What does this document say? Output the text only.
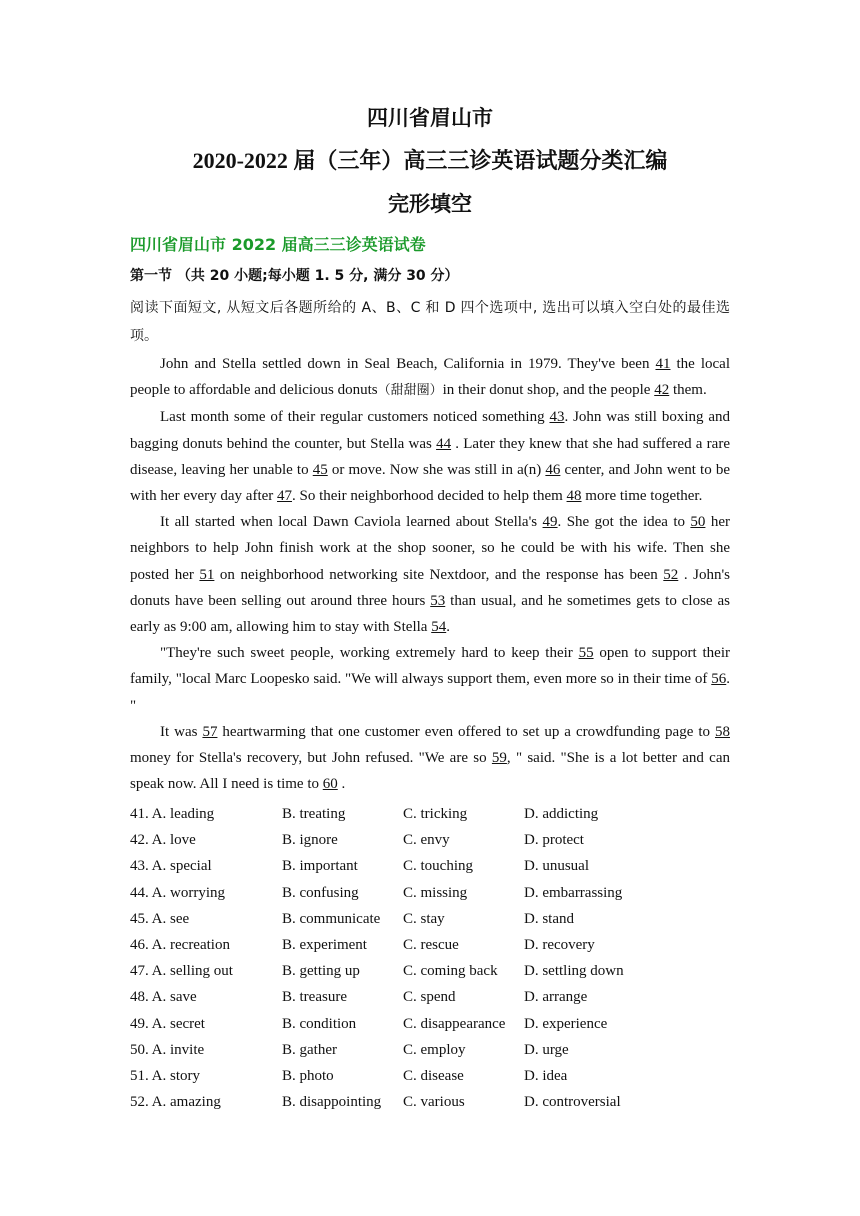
四川省眉山市
2020-2022 届（三年）高三三诊英语试题分类汇编
完形填空
四川省眉山市 2022 届高三三诊英语试卷
第一节 （共 20 小题;每小题 1. 5 分, 满分 30 分）
阅读下面短文, 从短文后各题所给的 A、B、C 和 D 四个选项中, 选出可以填入空白处的最佳选项。

John and Stella settled down in Seal Beach, California in 1979. They've been 41 the local people to affordable and delicious donuts（甜甜圈）in their donut shop, and the people 42 them.

Last month some of their regular customers noticed something 43. John was still boxing and bagging donuts behind the counter, but Stella was 44 . Later they knew that she had suffered a rare disease, leaving her unable to 45 or move. Now she was still in a(n) 46 center, and John went to be with her every day after 47. So their neighborhood decided to help them 48 more time together.

It all started when local Dawn Caviola learned about Stella's 49. She got the idea to 50 her neighbors to help John finish work at the shop sooner, so he could be with his wife. Then she posted her 51 on neighborhood networking site Nextdoor, and the response has been 52 . John's donuts have been selling out around three hours 53 than usual, and he sometimes gets to close as early as 9:00 am, allowing him to stay with Stella 54.

"They're such sweet people, working extremely hard to keep their 55 open to support their family, "local Marc Loopesko said. "We will always support them, even more so in their time of 56. "

It was 57 heartwarming that one customer even offered to set up a crowdfunding page to 58 money for Stella's recovery, but John refused. "We are so 59, " said. "She is a lot better and can speak now. All I need is time to 60 .

41. A. leading	B. treating	C. tricking	D. addicting
42. A. love	B. ignore	C. envy	D. protect
43. A. special	B. important	C. touching	D. unusual
44. A. worrying	B. confusing	C. missing	D. embarrassing
45. A. see	B. communicate C. stay	D. stand
46. A. recreation	B. experiment C. rescue	D. recovery
47. A. selling out	B. getting up	C. coming back D. settling down
48. A. save	B. treasure	C. spend	D. arrange
49. A. secret	B. condition	C. disappearance D. experience
50. A. invite	B. gather	C. employ	D. urge
51. A. story	B. photo	C. disease	D. idea
52. A. amazing	B. disappointing C. various	D. controversial
